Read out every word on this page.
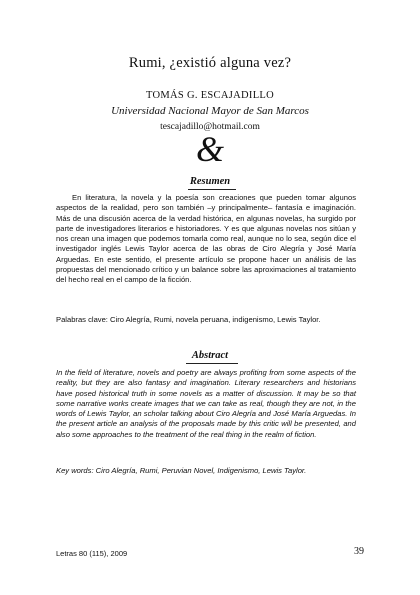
Rumi, ¿existió alguna vez?
TOMÁS G. ESCAJADILLO
Universidad Nacional Mayor de San Marcos
tescajadillo@hotmail.com
&
Resumen

En literatura, la novela y la poesía son creaciones que pueden tomar algunos aspectos de la realidad, pero son también –y principalmente– fantasía e imaginación. Más de una discusión acerca de la verdad histórica, en algunas novelas, ha surgido por parte de investigadores literarios e historiadores. Y es que algunas novelas nos sitúan y nos crean una imagen que podemos tomarla como real, aunque no lo sea, según dice el investigador inglés Lewis Taylor acerca de las obras de Ciro Alegría y José María Arguedas. En este sentido, el presente artículo se propone hacer un análisis de las propuestas del mencionado crítico y un balance sobre las aproximaciones al tratamiento del hecho real en el campo de la ficción.

Palabras clave: Ciro Alegría, Rumi, novela peruana, indigenismo, Lewis Taylor.

Abstract

In the field of literature, novels and poetry are always profiting from some aspects of the reality, but they are also fantasy and imagination. Literary researchers and historians have posed historical truth in some novels as a matter of discussion. It may be so that some narrative works create images that we can take as real, though they are not, in the words of Lewis Taylor, an scholar talking about Ciro Alegría and José María Arguedas. In the present article an analysis of the proposals made by this critic will be presented, and also some approaches to the treatment of the real thing in the realm of fiction.

Key words: Ciro Alegría, Rumi, Peruvian Novel, Indigenismo, Lewis Taylor.

Letras 80 (115), 2009	39
